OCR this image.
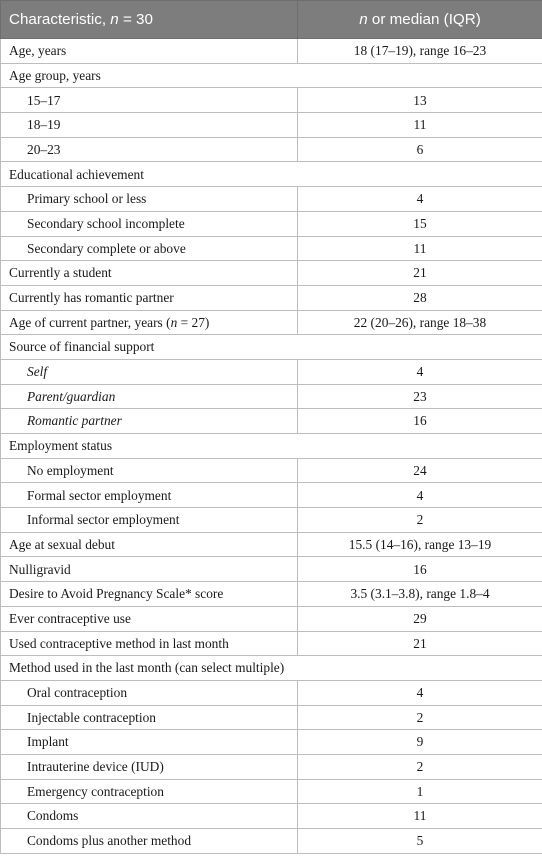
Characteristic, n = 30	n or median (IQR)
Age, years	18 (17–19), range 16–23
Age group, years	
15–17	13
18–19	11
20–23	6
Educational achievement	
Primary school or less	4
Secondary school incomplete	15
Secondary complete or above	11
Currently a student	21
Currently has romantic partner	28
Age of current partner, years (n = 27)	22 (20–26), range 18–38
Source of financial support	
Self	4
Parent/guardian	23
Romantic partner	16
Employment status	
No employment	24
Formal sector employment	4
Informal sector employment	2
Age at sexual debut	15.5 (14–16), range 13–19
Nulligravid	16
Desire to Avoid Pregnancy Scale* score	3.5 (3.1–3.8), range 1.8–4
Ever contraceptive use	29
Used contraceptive method in last month	21
Method used in the last month (can select multiple)	
Oral contraception	4
Injectable contraception	2
Implant	9
Intrauterine device (IUD)	2
Emergency contraception	1
Condoms	11
Condoms plus another method	5
